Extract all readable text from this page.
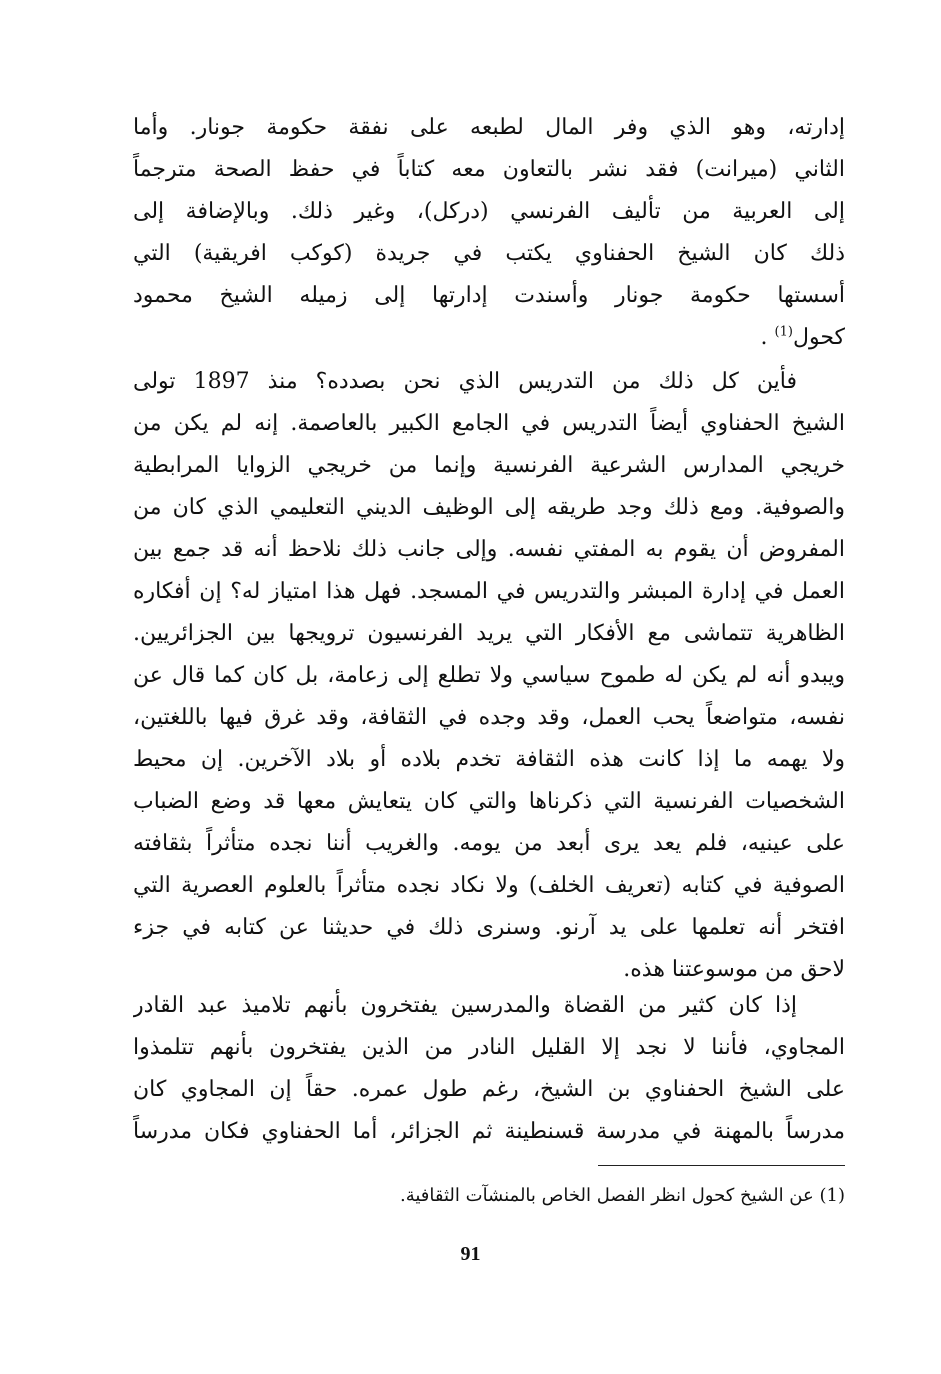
إدارته، وهو الذي وفر المال لطبعه على نفقة حكومة جونار. وأما
الثاني (ميرانت) فقد نشر بالتعاون معه كتاباً في حفظ الصحة مترجماً
إلى العربية من تأليف الفرنسي (دركل)، وغير ذلك. وبالإضافة إلى
ذلك كان الشيخ الحفناوي يكتب في جريدة (كوكب افريقية) التي
أسستها حكومة جونار وأسندت إدارتها إلى زميله الشيخ محمود
كحول$^{(1)}$ .
فأين كل ذلك من التدريس الذي نحن بصدده؟ منذ 1897 تولى
الشيخ الحفناوي أيضاً التدريس في الجامع الكبير بالعاصمة. إنه لم يكن من
خريجي المدارس الشرعية الفرنسية وإنما من خريجي الزوايا المرابطية
والصوفية. ومع ذلك وجد طريقه إلى الوظيف الديني التعليمي الذي كان من
المفروض أن يقوم به المفتي نفسه. وإلى جانب ذلك نلاحظ أنه قد جمع بين
العمل في إدارة المبشر والتدريس في المسجد. فهل هذا امتياز له؟ إن أفكاره
الظاهرية تتماشى مع الأفكار التي يريد الفرنسيون ترويجها بين الجزائريين.
ويبدو أنه لم يكن له طموح سياسي ولا تطلع إلى زعامة، بل كان كما قال عن
نفسه، متواضعاً يحب العمل، وقد وجده في الثقافة، وقد غرق فيها باللغتين،
ولا يهمه ما إذا كانت هذه الثقافة تخدم بلاده أو بلاد الآخرين. إن محيط
الشخصيات الفرنسية التي ذكرناها والتي كان يتعايش معها قد وضع الضباب
على عينيه، فلم يعد يرى أبعد من يومه. والغريب أننا نجده متأثراً بثقافته
الصوفية في كتابه (تعريف الخلف) ولا نكاد نجده متأثراً بالعلوم العصرية التي
افتخر أنه تعلمها على يد آرنو. وسنرى ذلك في حديثنا عن كتابه في جزء
لاحق من موسوعتنا هذه.
إذا كان كثير من القضاة والمدرسين يفتخرون بأنهم تلاميذ عبد القادر
المجاوي، فأننا لا نجد إلا القليل النادر من الذين يفتخرون بأنهم تتلمذوا
على الشيخ الحفناوي بن الشيخ، رغم طول عمره. حقاً إن المجاوي كان
مدرساً بالمهنة في مدرسة قسنطينة ثم الجزائر، أما الحفناوي فكان مدرساً
(1) عن الشيخ كحول انظر الفصل الخاص بالمنشآت الثقافية.
91
